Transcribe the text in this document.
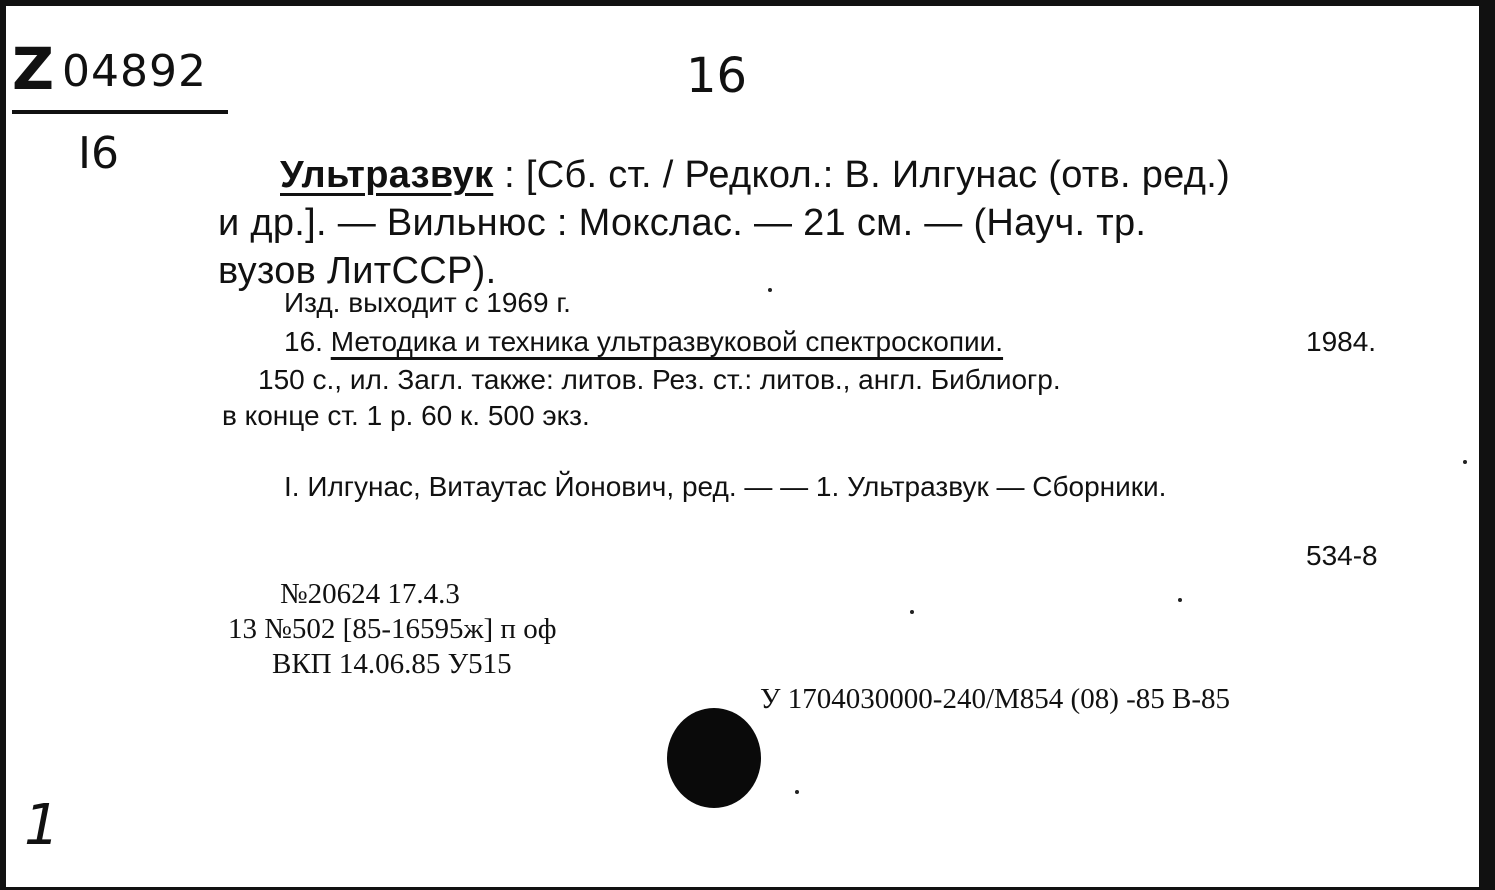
Z 04892
I6
16
Ультразвук : [Сб. ст. / Редкол.: В. Илгунас (отв. ред.)
и др.]. — Вильнюс : Мокслас. — 21 см. — (Науч. тр.
вузов ЛитССР).
Изд. выходит с 1969 г.
16. Методика и техника ультразвуковой спектроскопии.	1984.
150 с., ил. Загл. также: литов. Рез. ст.: литов., англ. Библиогр.
в конце ст. 1 р. 60 к. 500 экз.
I. Илгунас, Витаутас Йонович, ред. — — 1. Ультразвук — Сборники.
534-8
№20624 17.4.3
13 №502 [85-16595ж] п оф
ВКП 14.06.85 У515
У 1704030000-240/М854 (08) -85 В-85
1
